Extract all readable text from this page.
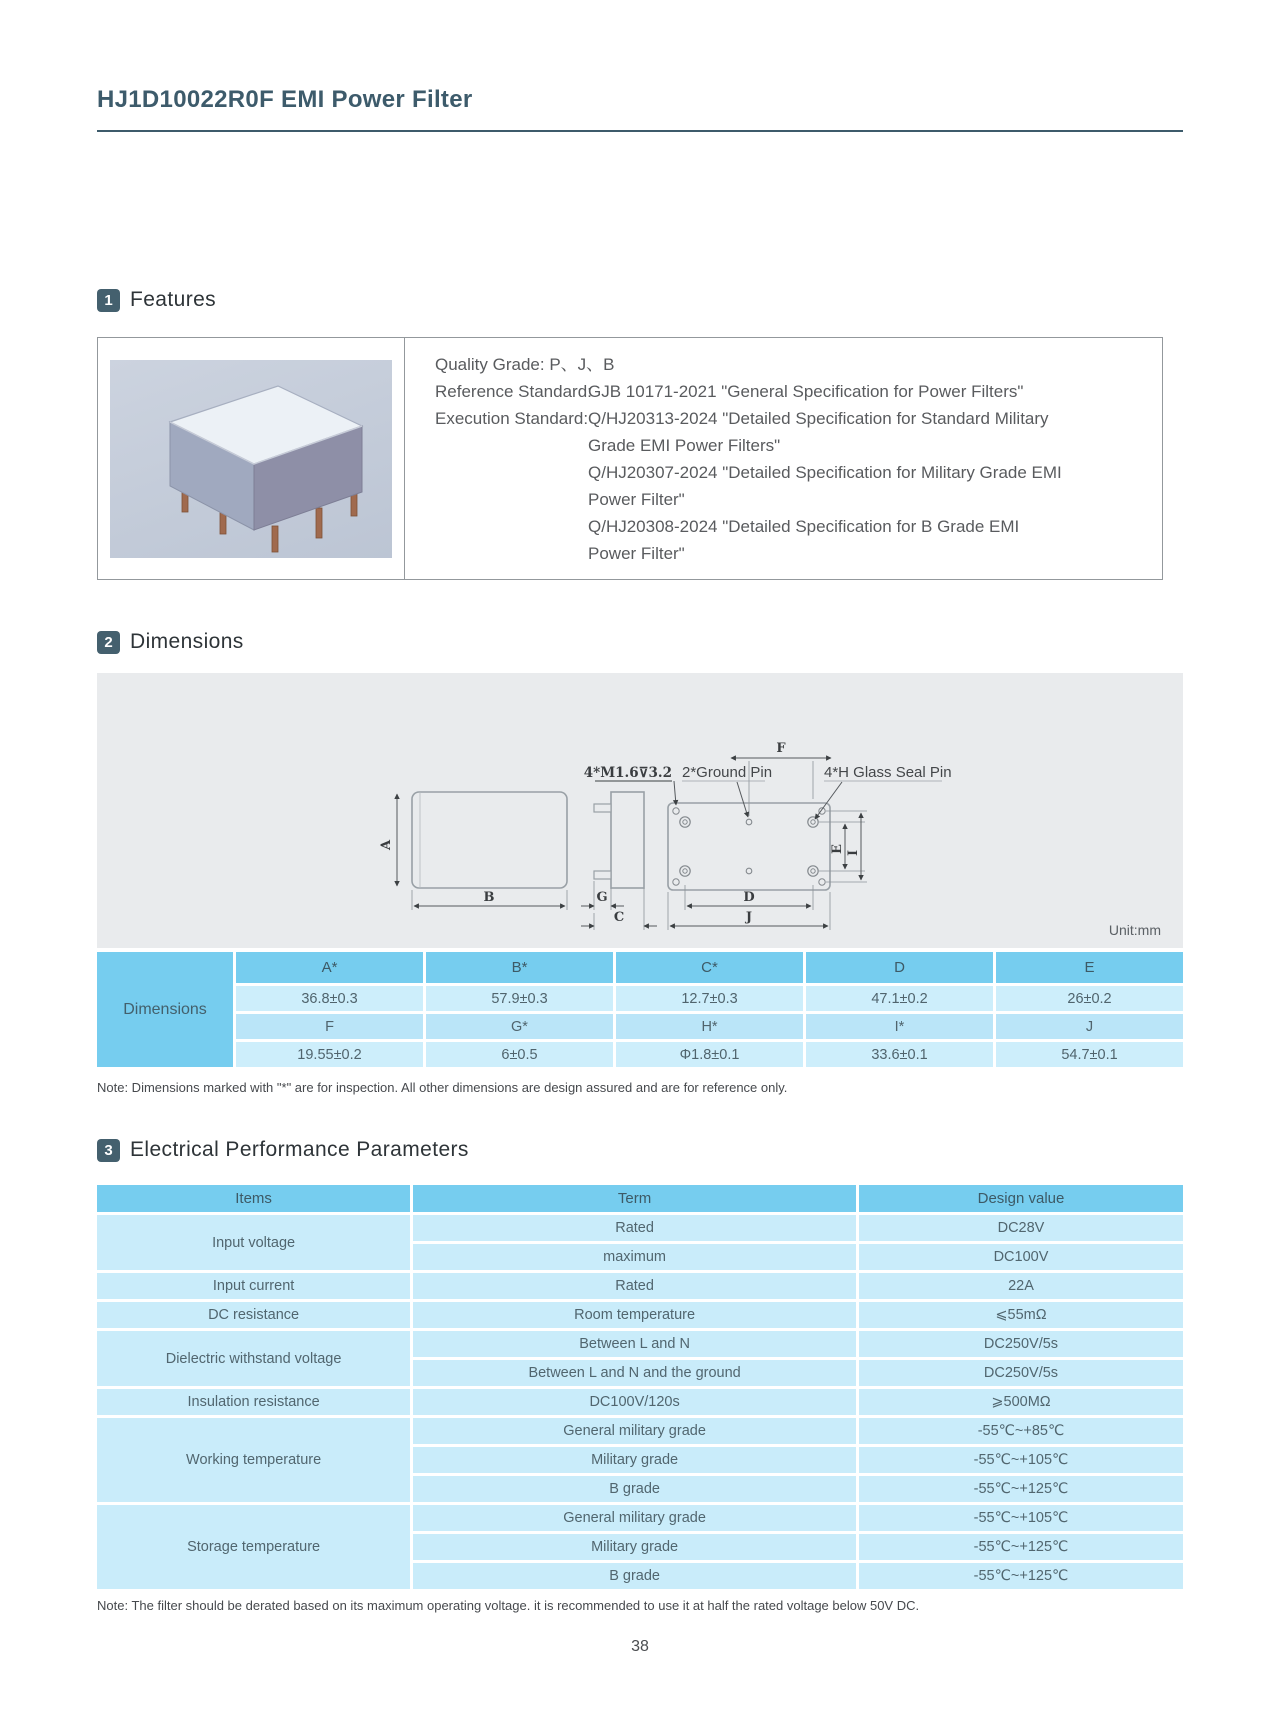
HJ1D10022R0F EMI Power Filter
1 Features
Quality Grade: P、J、B
Reference Standard:
GJB 10171-2021 "General Specification for Power Filters"
Execution Standard: Q/HJ20313-2024 "Detailed Specification for Standard Military
Grade EMI Power Filters"
Q/HJ20307-2024 "Detailed Specification for Military Grade EMI
Power Filter"
Q/HJ20308-2024 "Detailed Specification for B Grade EMI
Power Filter"
2 Dimensions
A
B	G
C
F
4*M1.6⊽3.2 2*Ground Pin	4*H Glass Seal Pin
E I
D
J
Unit:mm
Dimensions	A*	B*	C*	D	E
	36.8±0.3	57.9±0.3	12.7±0.3	47.1±0.2	26±0.2
	F	G*	H*	I*	J
	19.55±0.2	6±0.5	Φ1.8±0.1	33.6±0.1	54.7±0.1
Note: Dimensions marked with "*" are for inspection. All other dimensions are design assured and are for reference only.
3 Electrical Performance Parameters
Items	Term	Design value
Input voltage	Rated	DC28V
	maximum	DC100V
Input current	Rated	22A
DC resistance	Room temperature	⩽55mΩ
Dielectric withstand voltage	Between L and N	DC250V/5s
	Between L and N and the ground	DC250V/5s
Insulation resistance	DC100V/120s	⩾500MΩ
Working temperature	General military grade	-55℃~+85℃
	Military grade	-55℃~+105℃
	B grade	-55℃~+125℃
Storage temperature	General military grade	-55℃~+105℃
	Military grade	-55℃~+125℃
	B grade	-55℃~+125℃
Note: The filter should be derated based on its maximum operating voltage. it is recommended to use it at half the rated voltage below 50V DC.
38
